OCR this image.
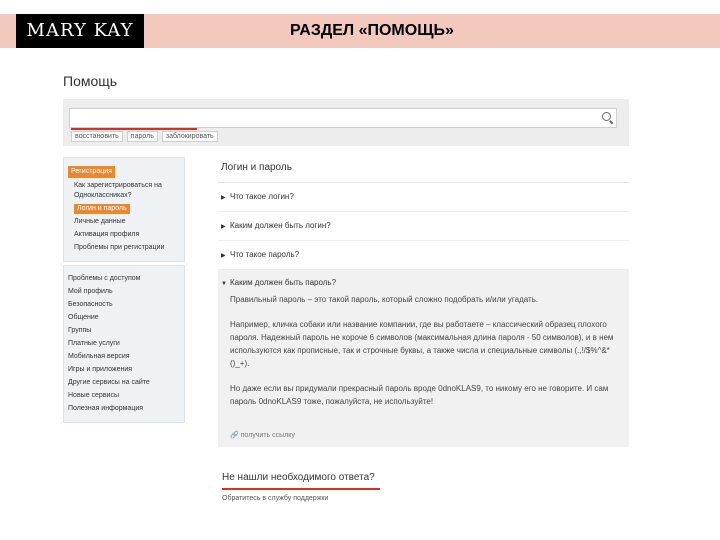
MARY KAY	РАЗДЕЛ «ПОМОЩЬ»
Помощь
восстановить	пароль	заблокировать
Регистрация
Как зарегистрироваться на Одноклассниках?
Логин и пароль
Личные данные
Активация профиля
Проблемы при регистрации
Проблемы с доступом
Мой профиль
Безопасность
Общение
Группы
Платные услуги
Мобильная версия
Игры и приложения
Другие сервисы на сайте
Новые сервисы
Полезная информация
Логин и пароль
▶ Что такое логин?
▶ Каким должен быть логин?
▶ Что такое пароль?
▼ Каким должен быть пароль?

Правильный пароль – это такой пароль, который сложно подобрать и/или угадать.

Например, кличка собаки или название компании, где вы работаете – классический образец плохого пароля. Надежный пароль не короче 6 символов (максимальная длина пароля - 50 символов), и в нем используются как прописные, так и строчные буквы, а также числа и специальные символы (.,!/$%^&*()_+).

Но даже если вы придумали прекрасный пароль вроде 0dnoKLAS9, то никому его не говорите. И сам пароль 0dnoKLAS9 тоже, пожалуйста, не используйте!

🔗 получить ссылку
Не нашли необходимого ответа?
Обратитесь в службу поддержки
